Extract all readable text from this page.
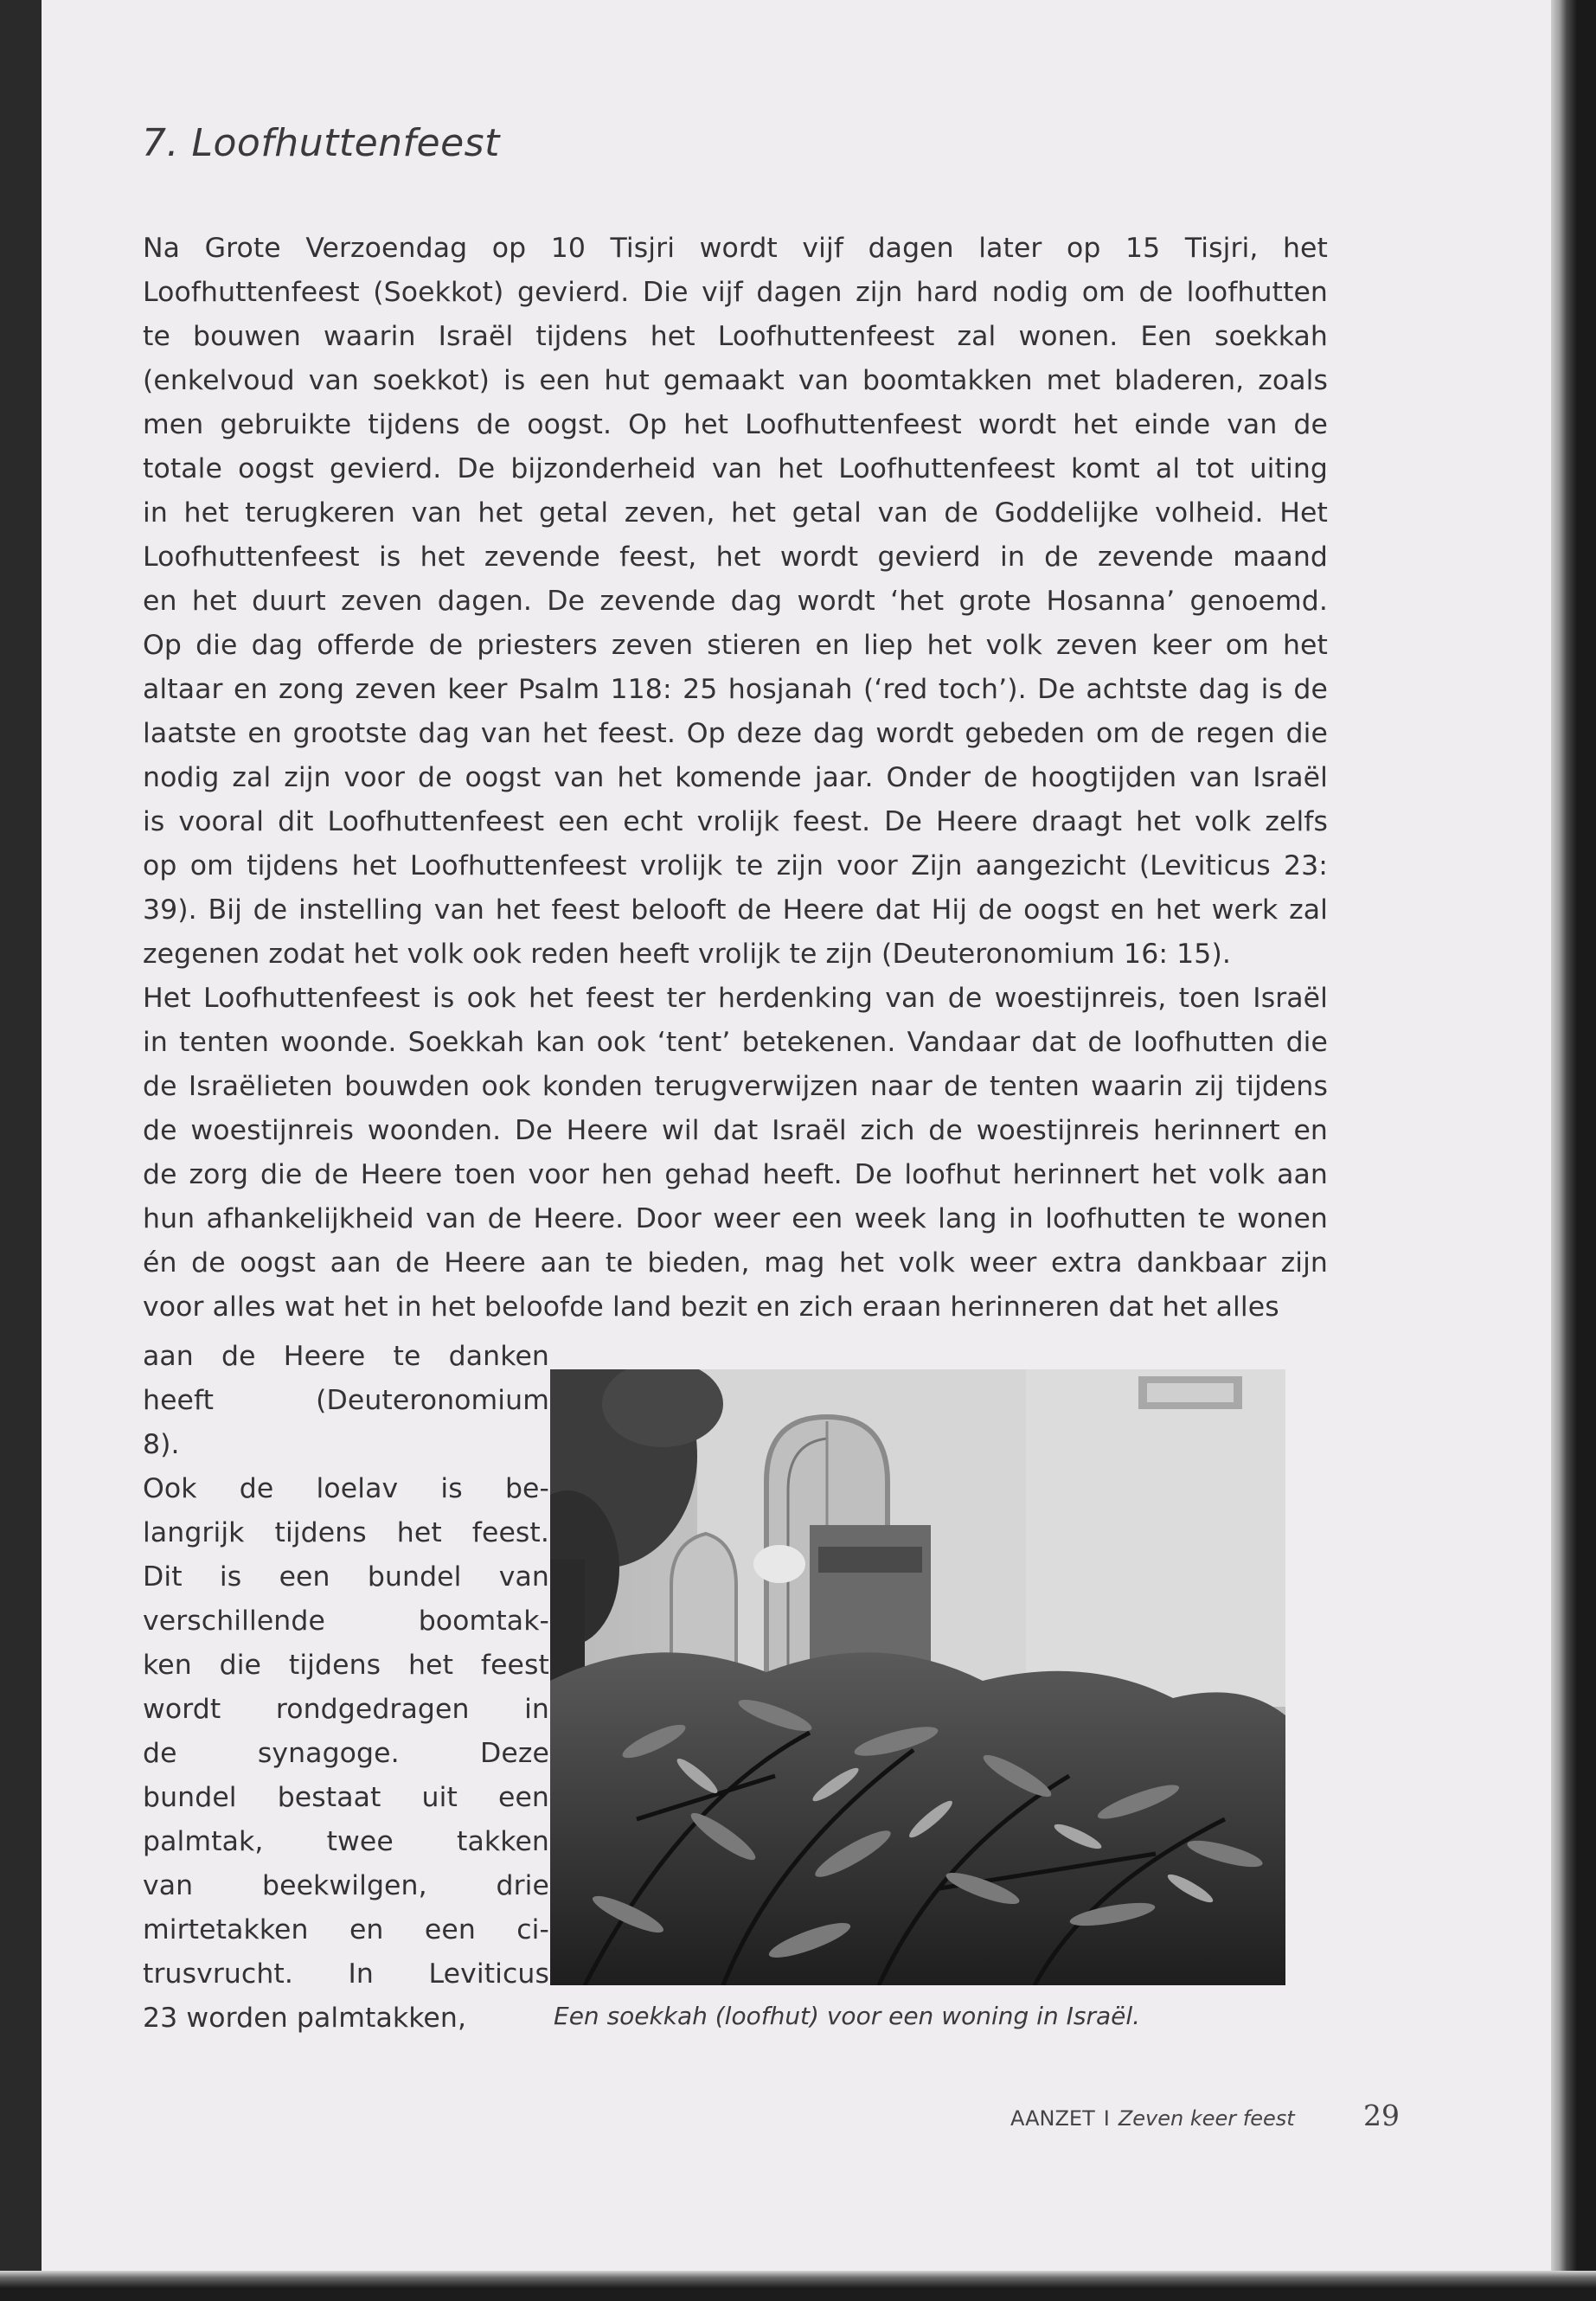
7. Loofhuttenfeest
Na Grote Verzoendag op 10 Tisjri wordt vijf dagen later op 15 Tisjri, het
Loofhuttenfeest (Soekkot) gevierd. Die vijf dagen zijn hard nodig om de loofhutten
te bouwen waarin Israël tijdens het Loofhuttenfeest zal wonen. Een soekkah
(enkelvoud van soekkot) is een hut gemaakt van boomtakken met bladeren, zoals
men gebruikte tijdens de oogst. Op het Loofhuttenfeest wordt het einde van de
totale oogst gevierd. De bijzonderheid van het Loofhuttenfeest komt al tot uiting
in het terugkeren van het getal zeven, het getal van de Goddelijke volheid. Het
Loofhuttenfeest is het zevende feest, het wordt gevierd in de zevende maand
en het duurt zeven dagen. De zevende dag wordt ‘het grote Hosanna’ genoemd.
Op die dag offerde de priesters zeven stieren en liep het volk zeven keer om het
altaar en zong zeven keer Psalm 118: 25 hosjanah (‘red toch’). De achtste dag is de
laatste en grootste dag van het feest. Op deze dag wordt gebeden om de regen die
nodig zal zijn voor de oogst van het komende jaar. Onder de hoogtijden van Israël
is vooral dit Loofhuttenfeest een echt vrolijk feest. De Heere draagt het volk zelfs
op om tijdens het Loofhuttenfeest vrolijk te zijn voor Zijn aangezicht (Leviticus 23:
39). Bij de instelling van het feest belooft de Heere dat Hij de oogst en het werk zal
zegenen zodat het volk ook reden heeft vrolijk te zijn (Deuteronomium 16: 15).
Het Loofhuttenfeest is ook het feest ter herdenking van de woestijnreis, toen Israël
in tenten woonde. Soekkah kan ook ‘tent’ betekenen. Vandaar dat de loofhutten die
de Israëlieten bouwden ook konden terugverwijzen naar de tenten waarin zij tijdens
de woestijnreis woonden. De Heere wil dat Israël zich de woestijnreis herinnert en
de zorg die de Heere toen voor hen gehad heeft. De loofhut herinnert het volk aan
hun afhankelijkheid van de Heere. Door weer een week lang in loofhutten te wonen
én de oogst aan de Heere aan te bieden, mag het volk weer extra dankbaar zijn
voor alles wat het in het beloofde land bezit en zich eraan herinneren dat het alles
aan de Heere te danken
heeft (Deuteronomium
8).
Ook de loelav is be-
langrijk tijdens het feest.
Dit is een bundel van
verschillende boomtak-
ken die tijdens het feest
wordt rondgedragen in
de synagoge. Deze
bundel bestaat uit een
palmtak, twee takken
van beekwilgen, drie
mirtetakken en een ci-
trusvrucht. In Leviticus
23 worden palmtakken,	Een soekkah (loofhut) voor een woning in Israël.
AANZET I Zeven keer feest 29
